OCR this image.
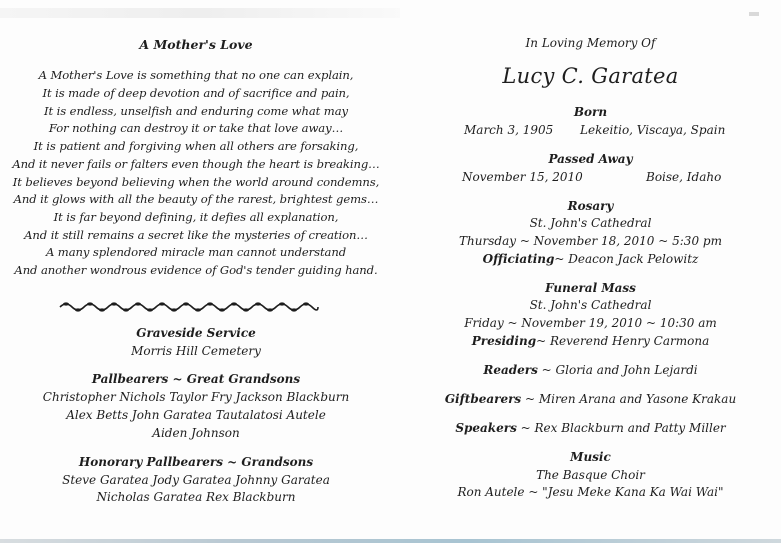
A Mother's Love
A Mother's Love is something that no one can explain,
It is made of deep devotion and of sacrifice and pain,
It is endless, unselfish and enduring come what may
For nothing can destroy it or take that love away…
It is patient and forgiving when all others are forsaking,
And it never fails or falters even though the heart is breaking…
It believes beyond believing when the world around condemns,
And it glows with all the beauty of the rarest, brightest gems…
It is far beyond defining, it defies all explanation,
And it still remains a secret like the mysteries of creation…
A many splendored miracle man cannot understand
And another wondrous evidence of God's tender guiding hand.
Graveside Service
Morris Hill Cemetery
Pallbearers ~ Great Grandsons
Christopher Nichols Taylor Fry Jackson Blackburn
Alex Betts John Garatea Tautalatosi Autele
Aiden Johnson
Honorary Pallbearers ~ Grandsons
Steve Garatea Jody Garatea Johnny Garatea
Nicholas Garatea Rex Blackburn
In Loving Memory Of
Lucy C. Garatea
Born
March 3, 1905 Lekeitio, Viscaya, Spain
Passed Away
November 15, 2010	Boise, Idaho
Rosary
St. John's Cathedral
Thursday ~ November 18, 2010 ~ 5:30 pm
Officiating~ Deacon Jack Pelowitz
Funeral Mass
St. John's Cathedral
Friday ~ November 19, 2010 ~ 10:30 am
Presiding~ Reverend Henry Carmona
Readers ~ Gloria and John Lejardi
Giftbearers ~ Miren Arana and Yasone Krakau
Speakers ~ Rex Blackburn and Patty Miller
Music
The Basque Choir
Ron Autele ~ "Jesu Meke Kana Ka Wai Wai"
